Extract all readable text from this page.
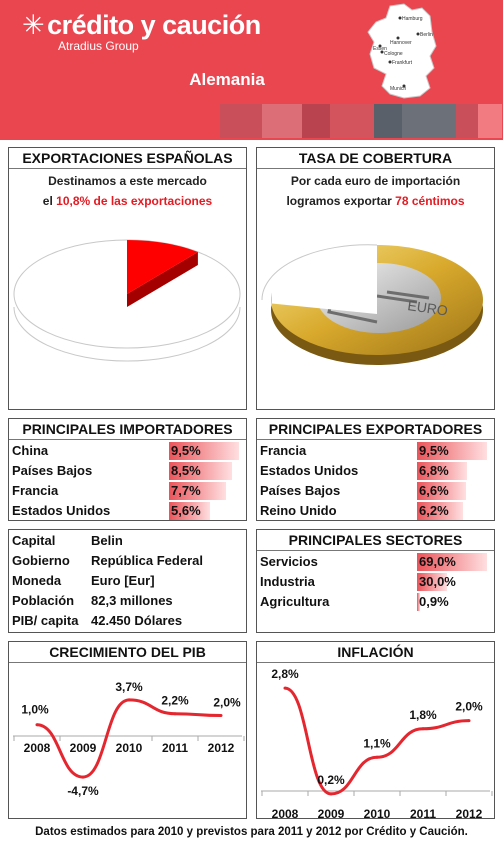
✳ crédito y caución
Atradius Group
Alemania
Hamburg
Berlin
Hannover
Essen
Cologne
Frankfurt
Munich
EXPORTACIONES ESPAÑOLAS
Destinamos a este mercado
el 10,8% de las exportaciones
TASA DE COBERTURA
Por cada euro de importación
logramos exportar 78 céntimos
EURO
PRINCIPALES IMPORTADORES
China	9,5%
Países Bajos	8,5%
Francia	7,7%
Estados Unidos	5,6%
PRINCIPALES EXPORTADORES
Francia	9,5%
Estados Unidos	6,8%
Países Bajos	6,6%
Reino Unido	6,2%
Capital	Belin
Gobierno República Federal
Moneda Euro [Eur]
Población 82,3 millones
PIB/ capita 42.450 Dólares
PRINCIPALES SECTORES
Servicios	69,0%
Industria	30,0%
Agricultura	0,9%
CRECIMIENTO DEL PIB
1,0%
2008
-4,7%
2009
3,7%
2010
2,2%
2011
2,0%
2012
INFLACIÓN
2,8%
2008
0,2%
2009
1,1%
2010
1,8%
2011
2,0%
2012
Datos estimados para 2010 y previstos para 2011 y 2012 por Crédito y Caución.
